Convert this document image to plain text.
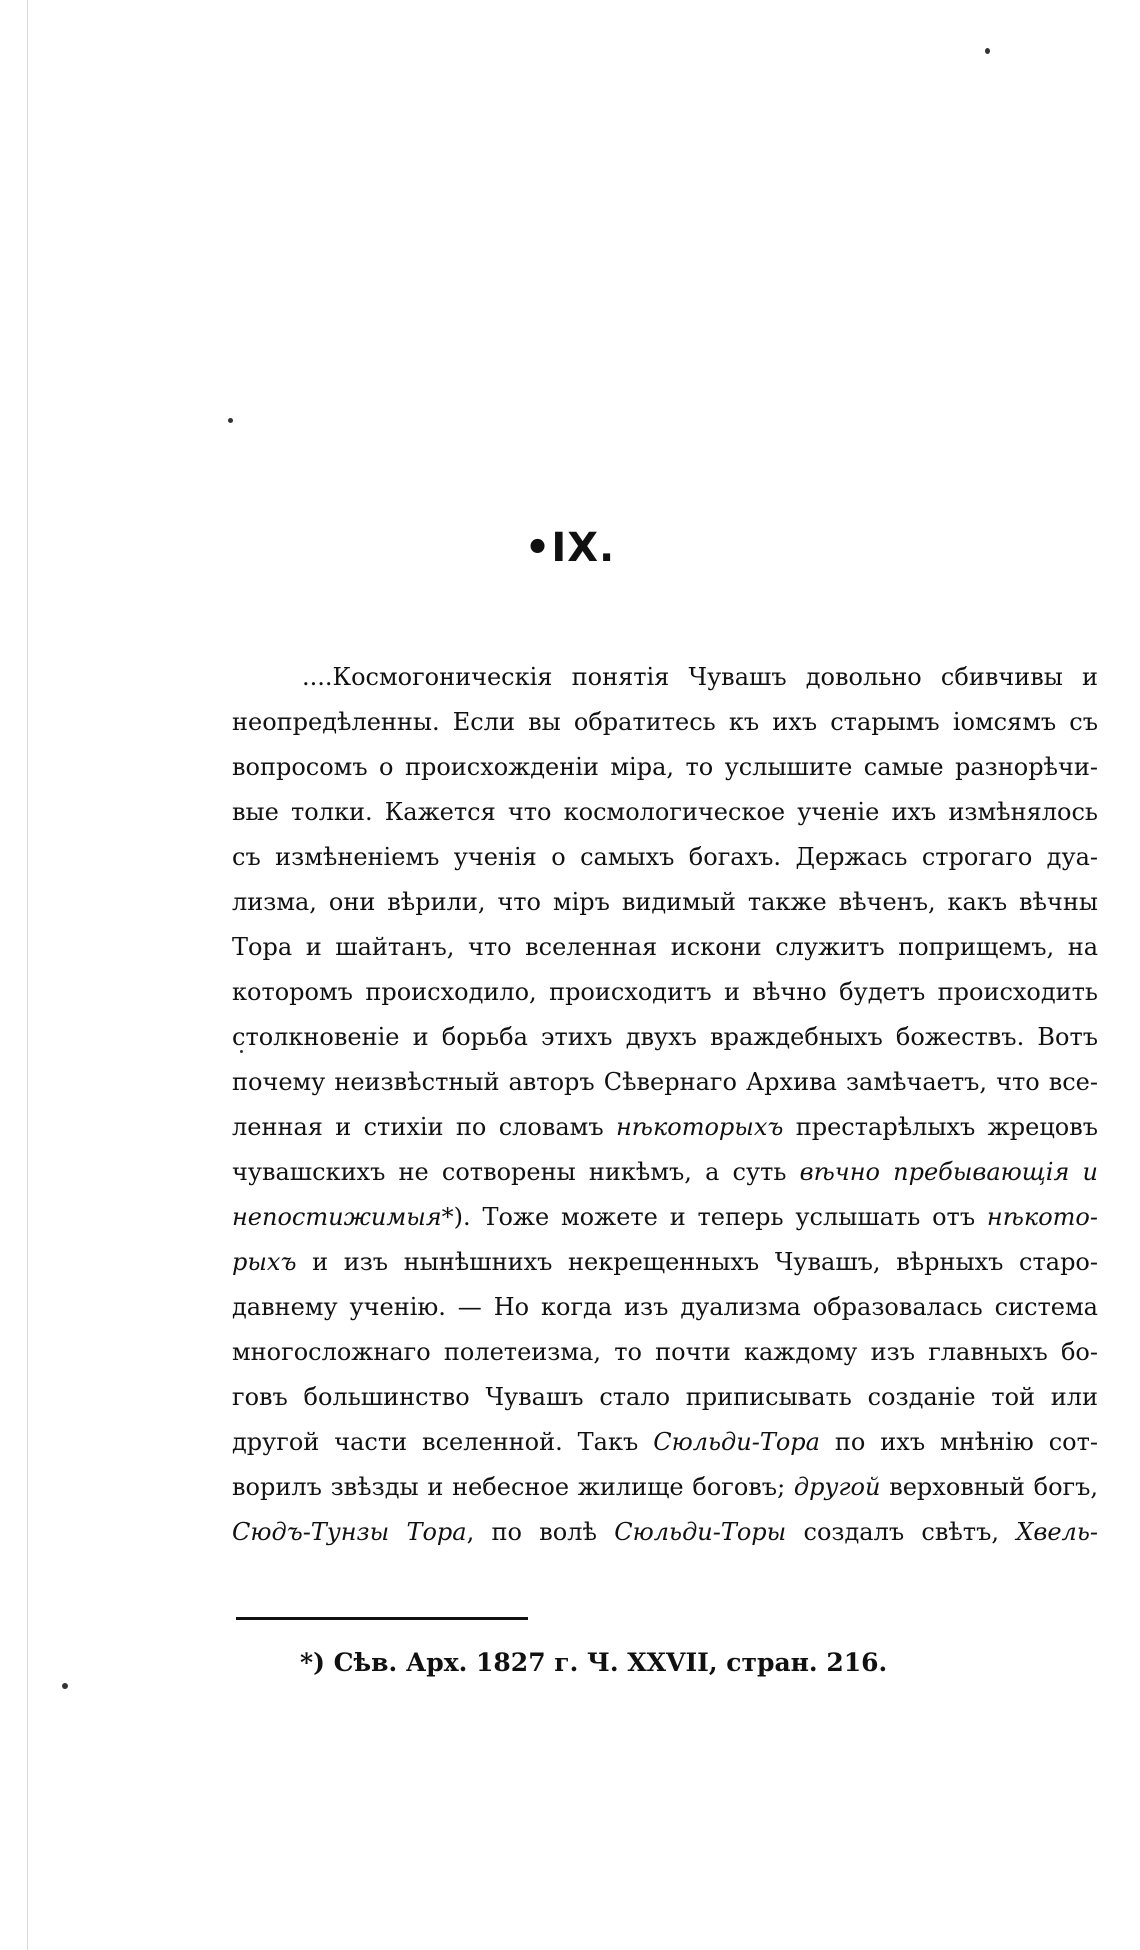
•IX.
....Космогоническія понятія Чувашъ довольно сбивчивы и
неопредѣленны. Если вы обратитесь къ ихъ старымъ іомсямъ съ
вопросомъ о происхожденіи міра, то услышите самые разнорѣчи-
вые толки. Кажется что космологическое ученіе ихъ измѣнялось
съ измѣненіемъ ученія о самыхъ богахъ. Держась строгаго дуа-
лизма, они вѣрили, что міръ видимый также вѣченъ, какъ вѣчны
Тора и шайтанъ, что вселенная искони служитъ поприщемъ, на
которомъ происходило, происходитъ и вѣчно будетъ происходить
столкновеніе и борьба этихъ двухъ враждебныхъ божествъ. Вотъ
почему неизвѣстный авторъ Сѣвернаго Архива замѣчаетъ, что все-
ленная и стихіи по словамъ нѣкоторыхъ престарѣлыхъ жрецовъ
чувашскихъ не сотворены никѣмъ, а суть вѣчно пребывающія и
непостижимыя*). Тоже можете и теперь услышать отъ нѣкото-
рыхъ и изъ нынѣшнихъ некрещенныхъ Чувашъ, вѣрныхъ старо-
давнему ученію. — Но когда изъ дуализма образовалась система
многосложнаго полетеизма, то почти каждому изъ главныхъ бо-
говъ большинство Чувашъ стало приписывать созданіе той или
другой части вселенной. Такъ Сюльди-Тора по ихъ мнѣнію сот-
ворилъ звѣзды и небесное жилище боговъ; другой верховный богъ,
Сюдъ-Тунзы Тора, по волѣ Сюльди-Торы создалъ свѣтъ, Хвель-
*) Сѣв. Арх. 1827 г. Ч. XXVII, стран. 216.
